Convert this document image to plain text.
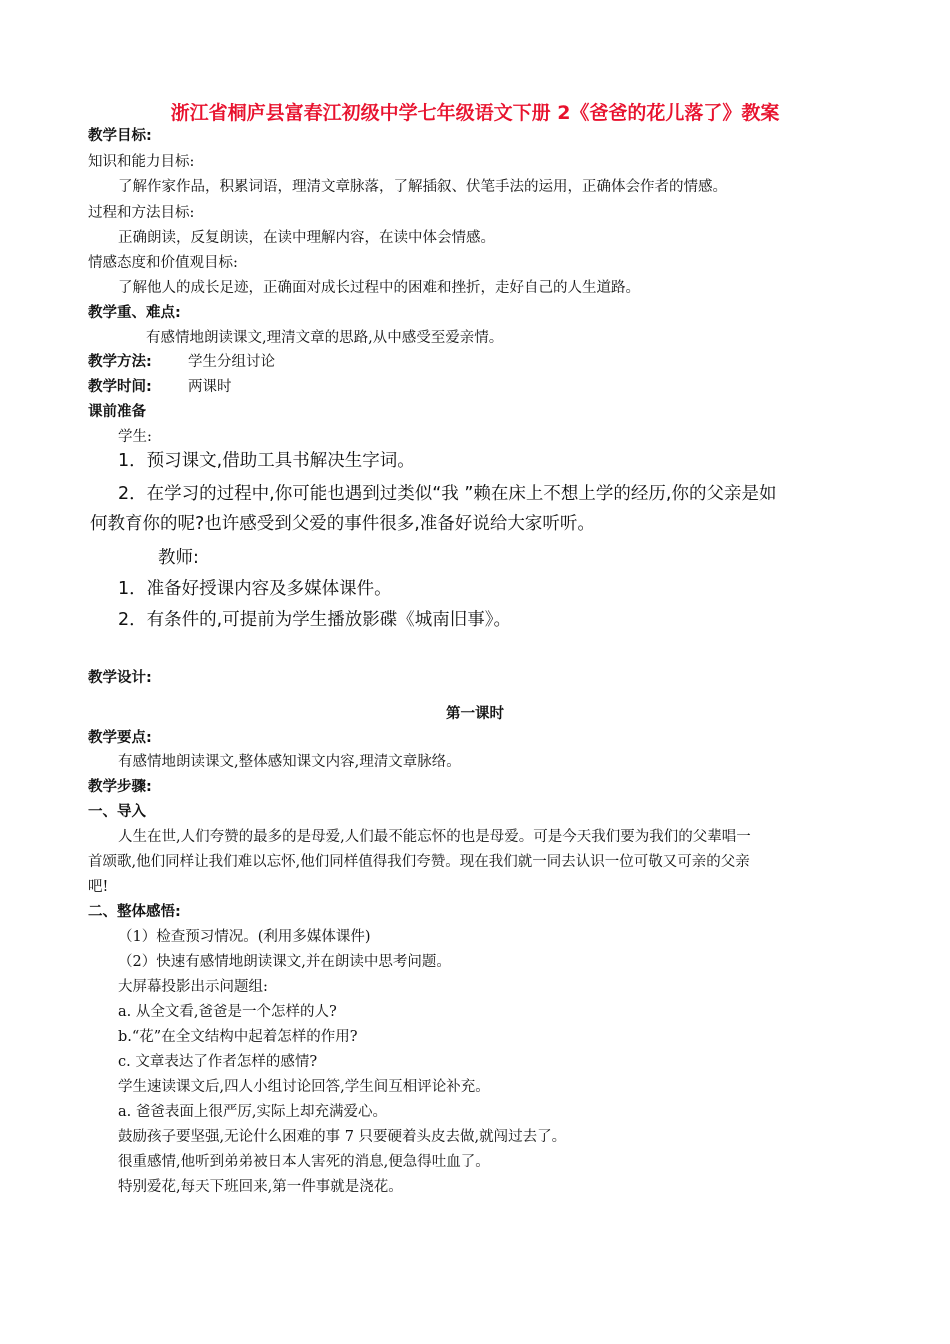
浙江省桐庐县富春江初级中学七年级语文下册 2《爸爸的花儿落了》教案
教学目标:
知识和能力目标:
了解作家作品，积累词语，理清文章脉落，了解插叙、伏笔手法的运用，正确体会作者的情感。
过程和方法目标:
正确朗读，反复朗读，在读中理解内容，在读中体会情感。
情感态度和价值观目标:
了解他人的成长足迹，正确面对成长过程中的困难和挫折，走好自己的人生道路。
教学重、难点:
有感情地朗读课文,理清文章的思路,从中感受至爱亲情。
教学方法: 学生分组讨论
教学时间: 两课时
课前准备
学生:
1．预习课文,借助工具书解决生字词。
2．在学习的过程中,你可能也遇到过类似“我 ”赖在床上不想上学的经历,你的父亲是如
何教育你的呢?也许感受到父爱的事件很多,准备好说给大家听听。
教师:
1．准备好授课内容及多媒体课件。
2．有条件的,可提前为学生播放影碟《城南旧事》。
教学设计:
第一课时
教学要点:
有感情地朗读课文,整体感知课文内容,理清文章脉络。
教学步骤:
一、导入
人生在世,人们夸赞的最多的是母爱,人们最不能忘怀的也是母爱。可是今天我们要为我们的父辈唱一
首颂歌,他们同样让我们难以忘怀,他们同样值得我们夸赞。现在我们就一同去认识一位可敬又可亲的父亲
吧!
二、整体感悟:
（1）检查预习情况。(利用多媒体课件)
（2）快速有感情地朗读课文,并在朗读中思考问题。
大屏幕投影出示问题组:
a. 从全文看,爸爸是一个怎样的人?
b.“花”在全文结构中起着怎样的作用?
c. 文章表达了作者怎样的感情?
学生速读课文后,四人小组讨论回答,学生间互相评论补充。
a. 爸爸表面上很严厉,实际上却充满爱心。
鼓励孩子要坚强,无论什么困难的事 7 只要硬着头皮去做,就闯过去了。
很重感情,他听到弟弟被日本人害死的消息,便急得吐血了。
特别爱花,每天下班回来,第一件事就是浇花。
